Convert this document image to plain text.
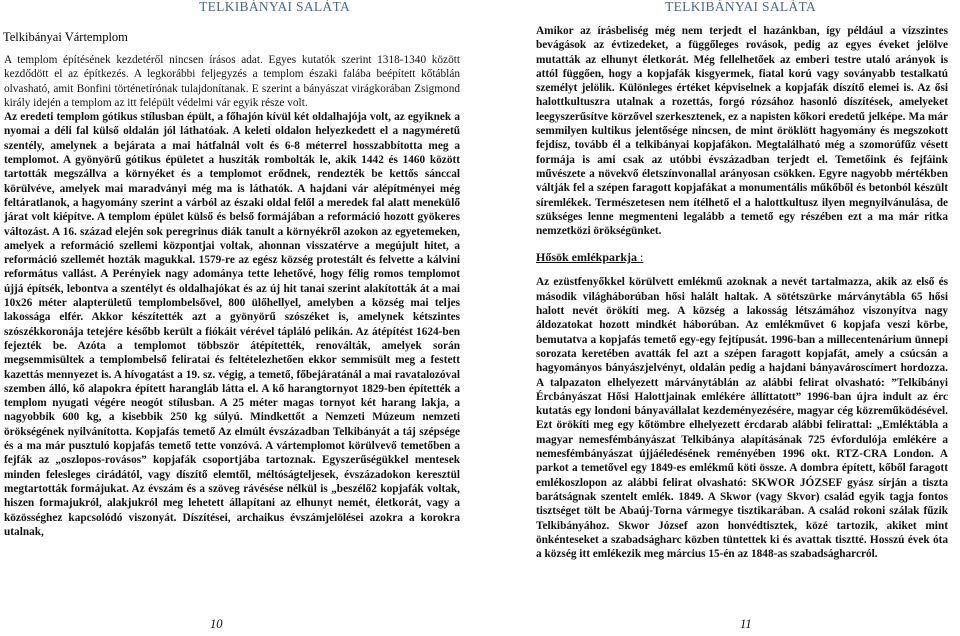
TELKIBÁNYAI SALÁTA
Telkibányai Vártemplom

A templom építésének kezdetéről nincsen írásos adat. Egyes kutatók szerint 1318-1340 között kezdődött el az építkezés. A legkorábbi feljegyzés a templom északi falába beépített kőtáblán olvasható, amit Bonfini történetírónak tulajdonítanak. E szerint a bányászat virágkorában Zsigmond király idején a templom az itt felépült védelmi vár egyik része volt.

Az eredeti templom gótikus stílusban épült, a főhajón kívül két oldalhajója volt, az egyiknek a nyomai a déli fal külső oldalán jól láthatóak. A keleti oldalon helyezkedett el a nagyméretű szentély, amelynek a bejárata a mai hátfalnál volt és 6-8 méterrel hosszabbította meg a templomot. A gyönyörű gótikus épületet a husziták rombolták le, akik 1442 és 1460 között tartották megszállva a környéket és a templomot erődnek, rendezték be kettős sánccal körülvéve, amelyek mai maradványi még ma is láthatók. A hajdani vár alépítményei még feltáratlanok, a hagyomány szerint a várból az északi oldal felől a meredek fal alatt menekülő járat volt kiépítve. A templom épület külső és belső formájában a reformáció hozott gyökeres változást. A 16. század elején sok peregrinus diák tanult a környékről azokon az egyetemeken, amelyek a reformáció szellemi központjai voltak, ahonnan visszatérve a megújult hitet, a reformáció szellemét hozták magukkal. 1579-re az egész község protestált és felvette a kálvini református vallást. A Perényiek nagy adománya tette lehetővé, hogy félig romos templomot újjá építsék, lebontva a szentélyt és oldalhajókat és az új hit tanai szerint alakították át a mai 10x26 méter alapterületű templombelsővel, 800 ülőhellyel, amelyben a község mai teljes lakossága elfér. Akkor készítették azt a gyönyörű szószéket is, amelynek kétszintes szószékkoronája tetejére később került a fiókáit vérével tápláló pelikán. Az átépítést 1624-ben fejezték be. Azóta a templomot többször átépítették, renoválták, amelyek során megsemmisültek a templombelső feliratai és feltételezhetően ekkor semmisült meg a festett kazettás mennyezet is. A hívogatást a 19. sz. végig, a temető, főbejáratánál a mai ravatalozóval szemben álló, kő alapokra épített harangláb látta el. A kő harangtornyot 1829-ben építették a templom nyugati végére neogót stílusban. A 25 méter magas tornyot két harang lakja, a nagyobbik 600 kg, a kisebbik 250 kg súlyú. Mindkettőt a Nemzeti Múzeum nemzeti örökségének nyilvánította. Kopjafás temető Az elmúlt évszázadban Telkibányát a táj szépsége és a ma már pusztuló kopjafás temető tette vonzóvá. A vártemplomot körülvevő temetőben a fejfák az „oszlopos-rovásos” kopjafák csoportjába tartoznak. Egyszerűségükkel mentesek minden felesleges cirádától, vagy díszítő elemtől, méltóságteljesek, évszázadokon keresztül megtartották formájukat. Az évszám és a szöveg rávésése nélkül is „beszélő2 kopjafák voltak, hiszen formajukról, alakjukról meg lehetett állapítani az elhunyt nemét, életkorát, vagy a közösséghez kapcsolódó viszonyát. Díszítései, archaikus évszámjelölései azokra a korokra utalnak,

10
TELKIBÁNYAI SALÁTA

Amikor az írásbeliség még nem terjedt el hazánkban, így például a vízszintes bevágások az évtizedeket, a függőleges rovások, pedig az egyes éveket jelölve mutatták az elhunyt életkorát. Még fellelhetőek az emberi testre utaló arányok is attól függően, hogy a kopjafák kisgyermek, fiatal korú vagy soványabb testalkatú személyt jelölik. Különleges értéket képviselnek a kopjafák díszítő elemei is. Az ősi halottkultuszra utalnak a rozettás, forgó rózsához hasonló díszítések, amelyeket leegyszerűsítve körzővel szerkesztenek, ez a napisten kőkori eredetű jelképe. Ma már semmilyen kultikus jelentősége nincsen, de mint öröklött hagyomány és megszokott fejdísz, tovább él a telkibányai kopjafákon. Megtalálható még a szomorúfűz vésett formája is ami csak az utóbbi évszázadban terjedt el. Temetőink és fejfáink művészete a növekvő életszínvonallal arányosan csökken. Egyre nagyobb mértékben váltják fel a szépen faragott kopjafákat a monumentális műkőből és betonból készült síremlékek. Természetesen nem ítélhető el a halottkultusz ilyen megnyilvánulása, de szükséges lenne megmenteni legalább a temető egy részében ezt a ma már ritka nemzetközi örökségünket.

Hősök emlékparkja :

Az ezüstfenyőkkel körülvett emlékmű azoknak a nevét tartalmazza, akik az első és második világháborúban hősi halált haltak. A sötétszürke márványtábla 65 hősi halott nevét örökíti meg. A község a lakosság létszámához viszonyítva nagy áldozatokat hozott mindkét háborúban. Az emlékművet 6 kopjafa veszi körbe, bemutatva a kopjafás temető egy-egy fejtípusát. 1996-ban a millecentenárium ünnepi sorozata keretében avatták fel azt a szépen faragott kopjafát, amely a csúcsán a hagyományos bányászjelvényt, oldalán pedig a hajdani bányavároscímert hordozza. A talpazaton elhelyezett márványtáblán az alábbi felirat olvasható: ”Telkibányi Ércbányászat Hősi Halottjainak emlékére állíttatott” 1996-ban újra indult az érc kutatás egy londoni bányavállalat kezdeményezésére, magyar cég közreműködésével. Ezt örökíti meg egy kőtömbre elhelyezett ércdarab alábbi felirattal: „Emléktábla a magyar nemesfémbányászat Telkibánya alapításának 725 évfordulója emlékére a nemesfémbányászat újjáéledésének reményében 1996 okt. RTZ-CRA London. A parkot a temetővel egy 1849-es emlékmű köti össze. A dombra épített, kőből faragott emlékoszlopon az alábbi felirat olvasható: SKWOR JÓZSEF gyász sírján a tiszta barátságnak szentelt emlék. 1849. A Skwor (vagy Skvor) család egyik tagja fontos tisztséget tölt be Abaúj-Torna vármegye tisztikarában. A család rokoni szálak fűzik Telkibányához. Skwor József azon honvédtisztek, közé tartozik, akiket mint önkénteseket a szabadságharc közben tüntettek ki és avattak tisztté. Hosszú évek óta a község itt emlékezik meg március 15-én az 1848-as szabadságharcról.

11
